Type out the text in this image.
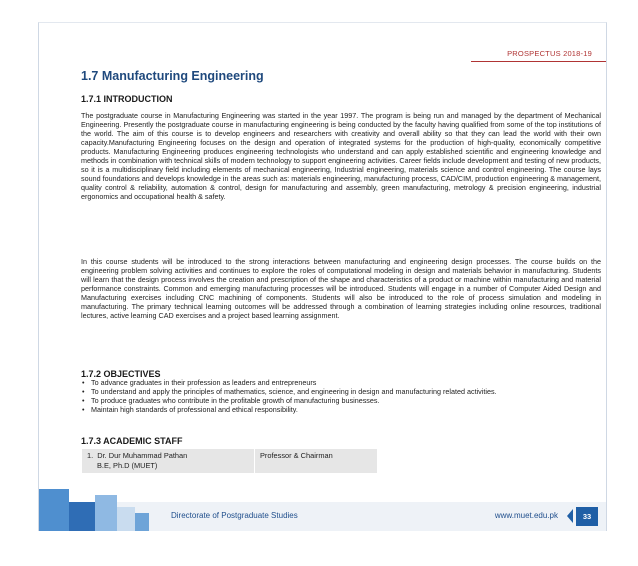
PROSPECTUS 2018-19
1.7 Manufacturing Engineering
1.7.1 INTRODUCTION

The postgraduate course in Manufacturing Engineering was started in the year 1997. The program is being run and managed by the department of Mechanical Engineering. Presently the postgraduate course in manufacturing engineering is being conducted by the faculty having qualified from some of the top institutions of the world. The aim of this course is to develop engineers and researchers with creativity and overall ability so that they can lead the world with their own capacity.Manufacturing Engineering focuses on the design and operation of integrated systems for the production of high-quality, economically competitive products. Manufacturing Engineering produces engineering technologists who understand and can apply established scientific and engineering knowledge and methods in combination with technical skills of modern technology to support engineering activities. Career fields include development and testing of new products, so it is a multidisciplinary field including elements of mechanical engineering, Industrial engineering, materials science and control engineering. The course lays sound foundations and develops knowledge in the areas such as: materials engineering, manufacturing process, CAD/CIM, production engineering & management, quality control & reliability, automation & control, design for manufacturing and assembly, green manufacturing, metrology & precision engineering, industrial ergonomics and occupational health & safety.

In this course students will be introduced to the strong interactions between manufacturing and engineering design processes. The course builds on the engineering problem solving activities and continues to explore the roles of computational modeling in design and materials behavior in manufacturing. Students will learn that the design process involves the creation and prescription of the shape and characteristics of a product or machine within manufacturing and material performance constraints. Common and emerging manufacturing processes will be introduced. Students will engage in a number of Computer Aided Design and Manufacturing exercises including CNC machining of components. Students will also be introduced to the role of process simulation and modeling in manufacturing. The primary technical learning outcomes will be addressed through a combination of learning strategies including online resources, traditional lectures, active learning CAD exercises and a project based learning assignment.

1.7.2 OBJECTIVES
• To advance graduates in their profession as leaders and entrepreneurs
• To understand and apply the principles of mathematics, science, and engineering in design and manufacturing related activities.
• To produce graduates who contribute in the profitable growth of manufacturing businesses.
• Maintain high standards of professional and ethical responsibility.
1.7.3 ACADEMIC STAFF
1. Dr. Dur Muhammad Pathan
B.E, Ph.D (MUET)	Professor & Chairman
Directorate of Postgraduate Studies	www.muet.edu.pk	33
